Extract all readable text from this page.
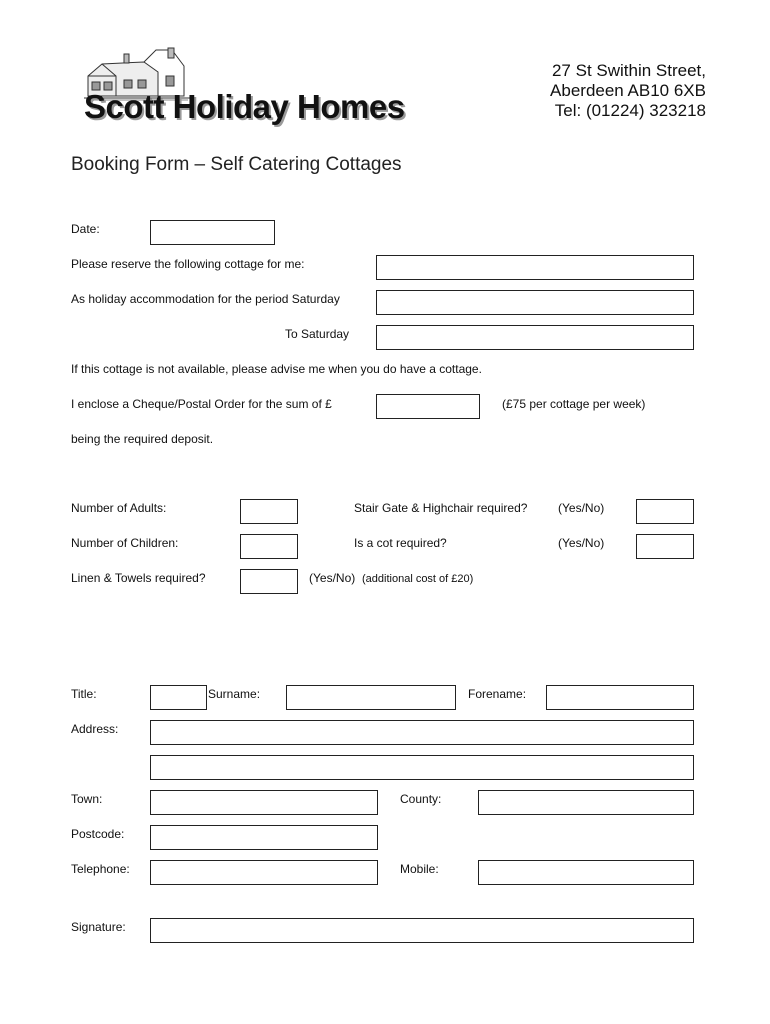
Scott Holiday Homes
27 St Swithin Street,
Aberdeen AB10 6XB
Tel: (01224) 323218
Booking Form – Self Catering Cottages
Date:
Please reserve the following cottage for me:
As holiday accommodation for the period Saturday
To Saturday
If this cottage is not available, please advise me when you do have a cottage.
I enclose a Cheque/Postal Order for the sum of £	(£75 per cottage per week)
being the required deposit.
Number of Adults:	Stair Gate & Highchair required?	(Yes/No)
Number of Children:	Is a cot required?	(Yes/No)
Linen & Towels required?	(Yes/No) (additional cost of £20)
Title:	Surname:	Forename:
Address:
Town:	County:
Postcode:
Telephone:	Mobile:
Signature:
